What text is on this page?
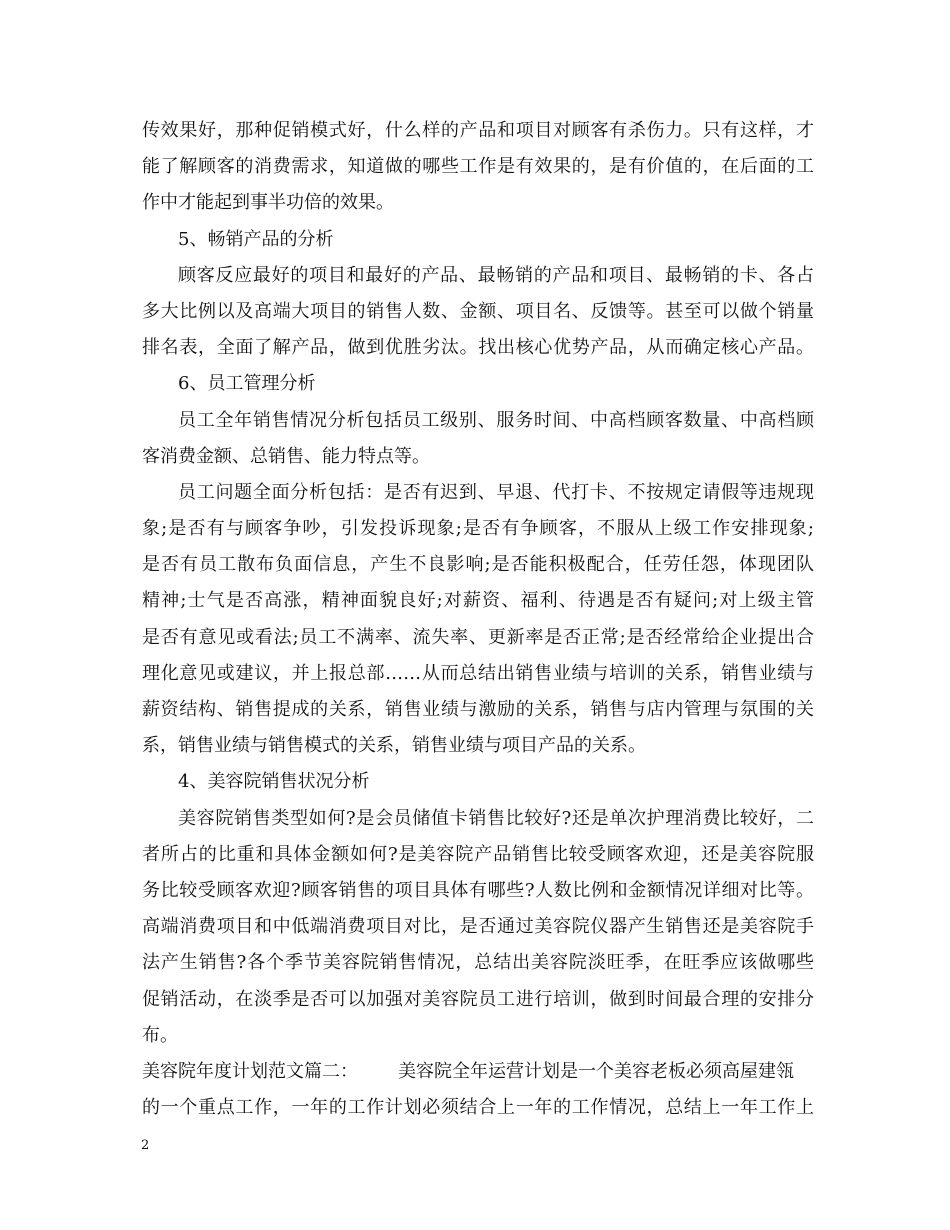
传效果好，那种促销模式好，什么样的产品和项目对顾客有杀伤力。只有这样，才
能了解顾客的消费需求，知道做的哪些工作是有效果的，是有价值的，在后面的工
作中才能起到事半功倍的效果。
5、畅销产品的分析
顾客反应最好的项目和最好的产品、最畅销的产品和项目、最畅销的卡、各占
多大比例以及高端大项目的销售人数、金额、项目名、反馈等。甚至可以做个销量
排名表，全面了解产品，做到优胜劣汰。找出核心优势产品，从而确定核心产品。
6、员工管理分析
员工全年销售情况分析包括员工级别、服务时间、中高档顾客数量、中高档顾
客消费金额、总销售、能力特点等。
员工问题全面分析包括：是否有迟到、早退、代打卡、不按规定请假等违规现
象;是否有与顾客争吵，引发投诉现象;是否有争顾客，不服从上级工作安排现象;
是否有员工散布负面信息，产生不良影响;是否能积极配合，任劳任怨，体现团队
精神;士气是否高涨，精神面貌良好;对薪资、福利、待遇是否有疑问;对上级主管
是否有意见或看法;员工不满率、流失率、更新率是否正常;是否经常给企业提出合
理化意见或建议，并上报总部……从而总结出销售业绩与培训的关系，销售业绩与
薪资结构、销售提成的关系，销售业绩与激励的关系，销售与店内管理与氛围的关
系，销售业绩与销售模式的关系，销售业绩与项目产品的关系。
4、美容院销售状况分析
美容院销售类型如何?是会员储值卡销售比较好?还是单次护理消费比较好，二
者所占的比重和具体金额如何?是美容院产品销售比较受顾客欢迎，还是美容院服
务比较受顾客欢迎?顾客销售的项目具体有哪些?人数比例和金额情况详细对比等。
高端消费项目和中低端消费项目对比，是否通过美容院仪器产生销售还是美容院手
法产生销售?各个季节美容院销售情况，总结出美容院淡旺季，在旺季应该做哪些
促销活动，在淡季是否可以加强对美容院员工进行培训，做到时间最合理的安排分
布。
美容院年度计划范文篇二： 美容院全年运营计划是一个美容老板必须高屋建瓴
的一个重点工作，一年的工作计划必须结合上一年的工作情况，总结上一年工作上
2
